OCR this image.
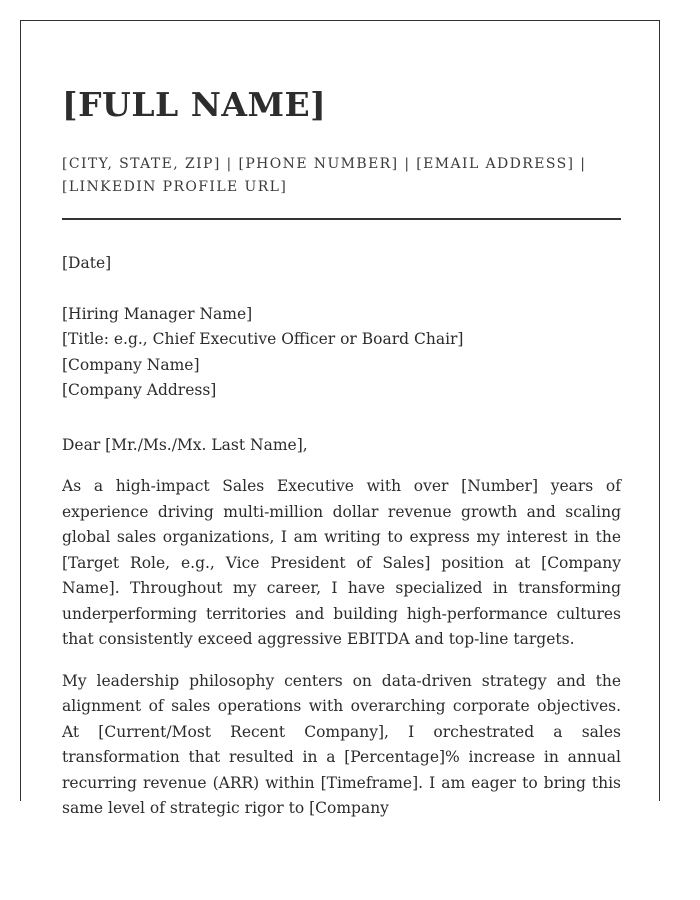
[FULL NAME]
[CITY, STATE, ZIP] | [PHONE NUMBER] | [EMAIL ADDRESS] |
[LINKEDIN PROFILE URL]
[Date]
[Hiring Manager Name]
[Title: e.g., Chief Executive Officer or Board Chair]
[Company Name]
[Company Address]
Dear [Mr./Ms./Mx. Last Name],

As a high-impact Sales Executive with over [Number] years of experience driving multi-million dollar revenue growth and scaling global sales organizations, I am writing to express my interest in the [Target Role, e.g., Vice President of Sales] position at [Company Name]. Throughout my career, I have specialized in transforming underperforming territories and building high-performance cultures that consistently exceed aggressive EBITDA and top-line targets.

My leadership philosophy centers on data-driven strategy and the alignment of sales operations with overarching corporate objectives. At [Current/Most Recent Company], I orchestrated a sales transformation that resulted in a [Percentage]% increase in annual recurring revenue (ARR) within [Timeframe]. I am eager to bring this same level of strategic rigor to [Company
